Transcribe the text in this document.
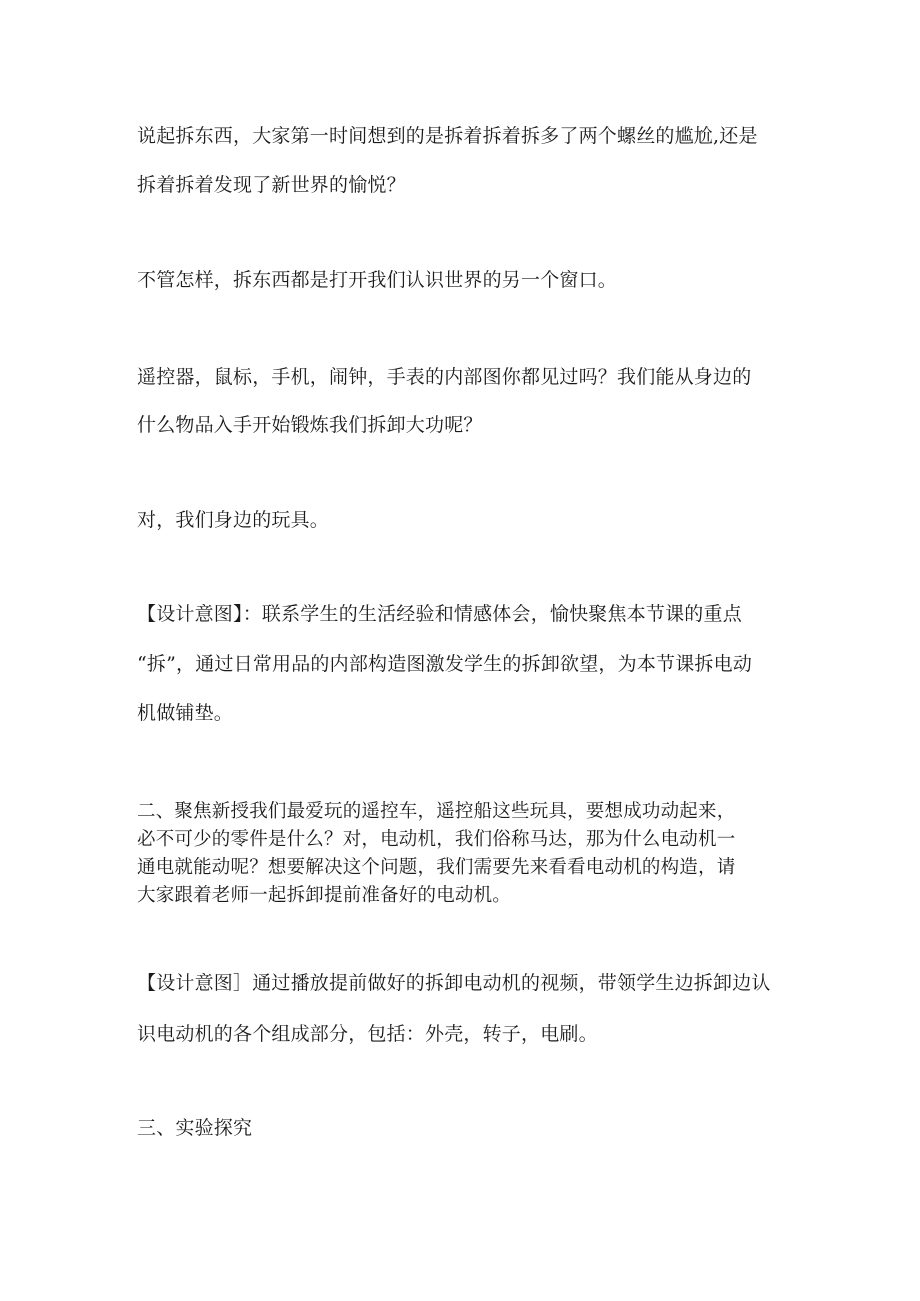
说起拆东西，大家第一时间想到的是拆着拆着拆多了两个螺丝的尴尬,还是
拆着拆着发现了新世界的愉悦？
不管怎样，拆东西都是打开我们认识世界的另一个窗口。
遥控器，鼠标，手机，闹钟，手表的内部图你都见过吗？我们能从身边的
什么物品入手开始锻炼我们拆卸大功呢？
对，我们身边的玩具。
【设计意图】：联系学生的生活经验和情感体会，愉快聚焦本节课的重点
“拆”，通过日常用品的内部构造图激发学生的拆卸欲望，为本节课拆电动
机做铺垫。
二、聚焦新授我们最爱玩的遥控车，遥控船这些玩具，要想成功动起来，
必不可少的零件是什么？对，电动机，我们俗称马达，那为什么电动机一
通电就能动呢？想要解决这个问题，我们需要先来看看电动机的构造，请
大家跟着老师一起拆卸提前准备好的电动机。
【设计意图］通过播放提前做好的拆卸电动机的视频，带领学生边拆卸边认
识电动机的各个组成部分，包括：外壳，转子，电刷。
三、实验探究
